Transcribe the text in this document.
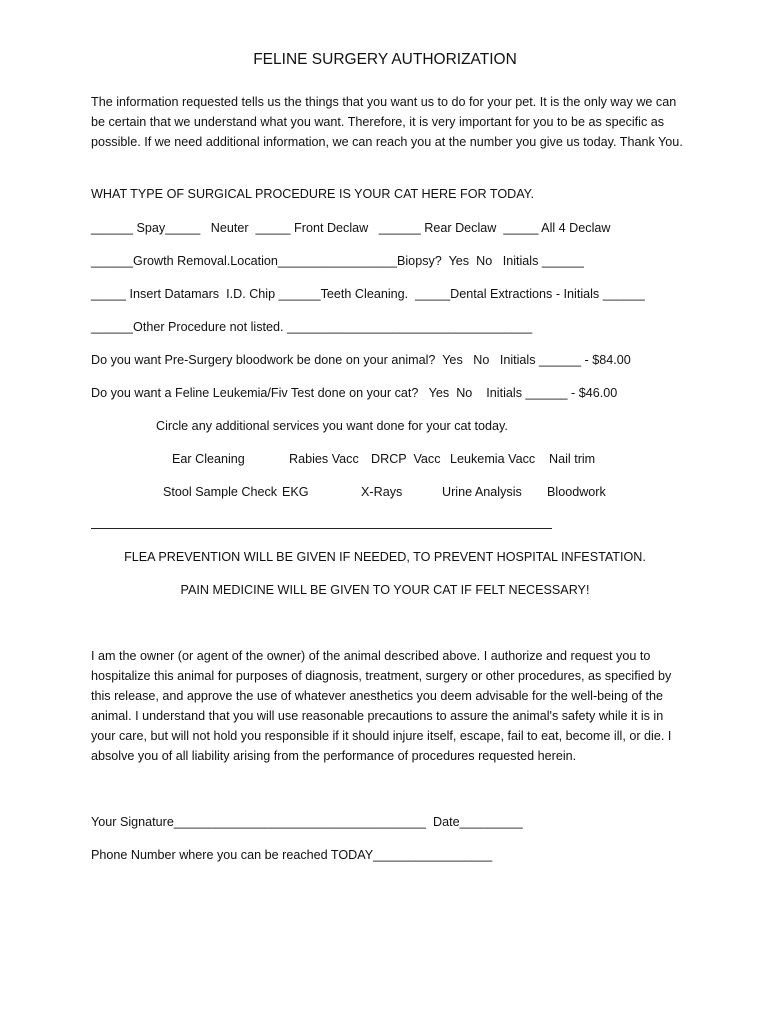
FELINE SURGERY AUTHORIZATION

The information requested tells us the things that you want us to do for your pet. It is the only way we can be certain that we understand what you want. Therefore, it is very important for you to be as specific as possible. If we need additional information, we can reach you at the number you give us today. Thank You.

WHAT TYPE OF SURGICAL PROCEDURE IS YOUR CAT HERE FOR TODAY.
______ Spay_____   Neuter  _____ Front Declaw   ______ Rear Declaw  _____ All 4 Declaw
______Growth Removal.Location_________________Biopsy?  Yes  No   Initials ______
_____ Insert Datamars  I.D. Chip ______Teeth Cleaning.  _____Dental Extractions - Initials ______
______Other Procedure not listed. ___________________________________
Do you want Pre-Surgery bloodwork be done on your animal?  Yes   No   Initials ______ - $84.00
Do you want a Feline Leukemia/Fiv Test done on your cat?   Yes  No    Initials ______ - $46.00
Circle any additional services you want done for your cat today.
Ear Cleaning	Rabies Vacc DRCP  Vacc Leukemia Vacc Nail trim
Stool Sample Check EKG	X-Rays	Urine Analysis Bloodwork
FLEA PREVENTION WILL BE GIVEN IF NEEDED, TO PREVENT HOSPITAL INFESTATION.
PAIN MEDICINE WILL BE GIVEN TO YOUR CAT IF FELT NECESSARY!

I am the owner (or agent of the owner) of the animal described above. I authorize and request you to hospitalize this animal for purposes of diagnosis, treatment, surgery or other procedures, as specified by this release, and approve the use of whatever anesthetics you deem advisable for the well-being of the animal. I understand that you will use reasonable precautions to assure the animal's safety while it is in your care, but will not hold you responsible if it should injure itself, escape, fail to eat, become ill, or die. I absolve you of all liability arising from the performance of procedures requested herein.

Your Signature____________________________________  Date_________
Phone Number where you can be reached TODAY_________________
